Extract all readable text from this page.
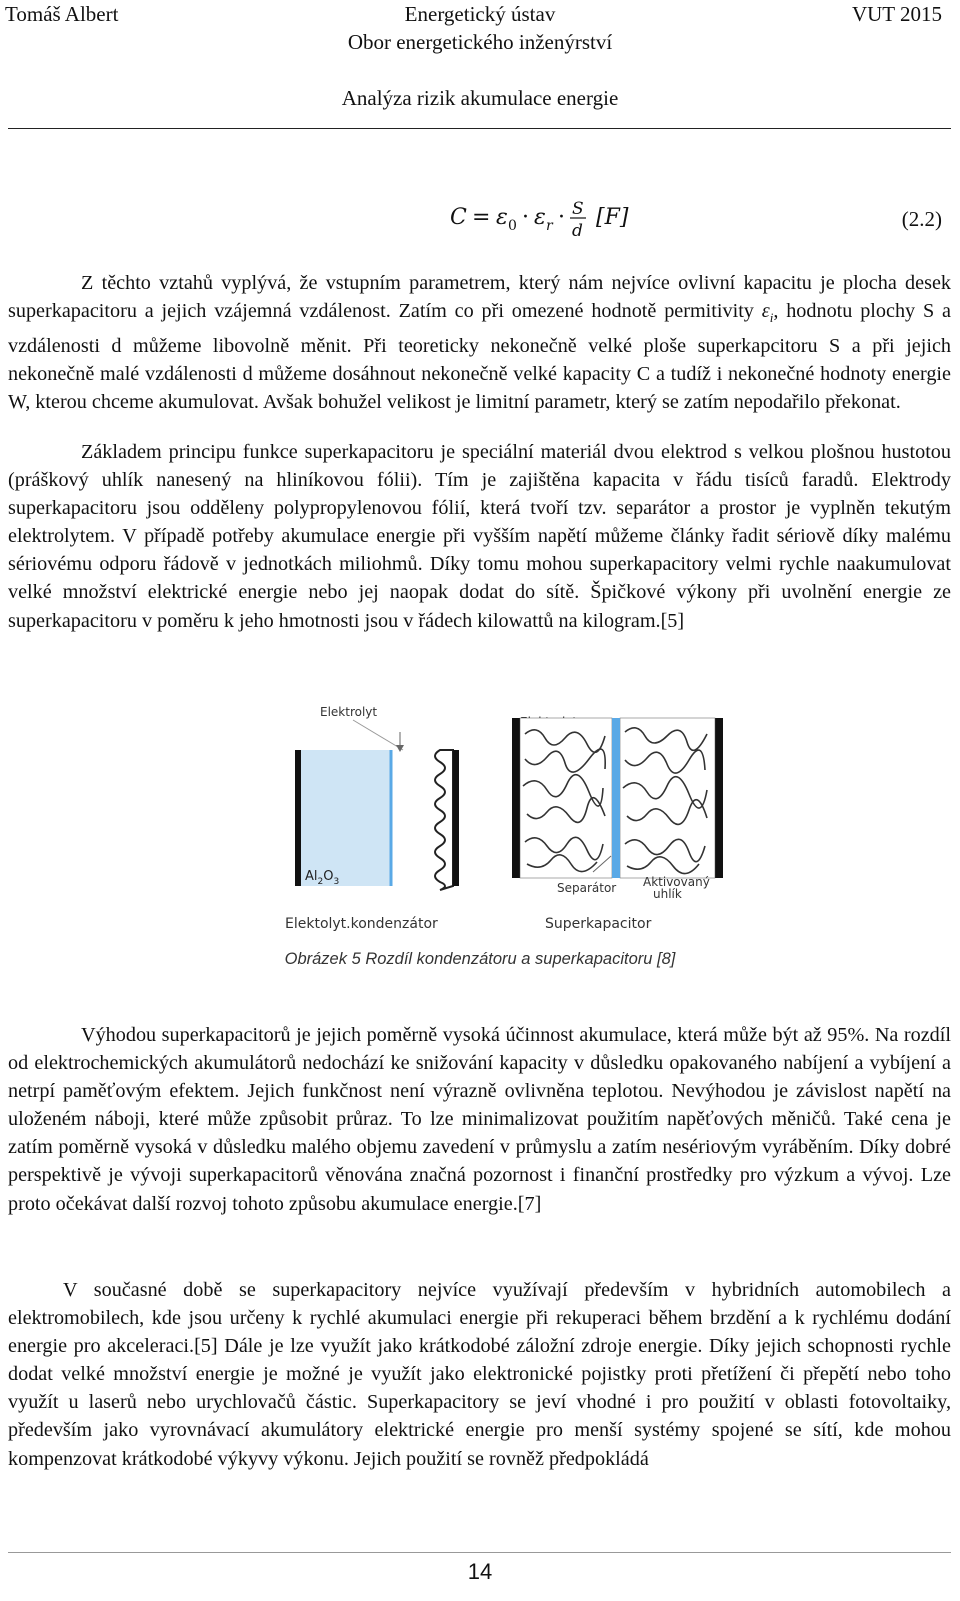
Tomáš Albert	Energetický ústav	VUT 2015
Obor energetického inženýrství
Analýza rizik akumulace energie
C = ε 0 · ε r · S
d
[F]	(2.2)

Z těchto vztahů vyplývá, že vstupním parametrem, který nám nejvíce ovlivní kapacitu je plocha desek superkapacitoru a jejich vzájemná vzdálenost. Zatím co při omezené hodnotě permitivity $\varepsilon_i$, hodnotu plochy S a vzdálenosti d můžeme libovolně měnit. Při teoreticky nekonečně velké ploše superkapcitoru S a při jejich nekonečně malé vzdálenosti d můžeme dosáhnout nekonečně velké kapacity C a tudíž i nekonečné hodnoty energie W, kterou chceme akumulovat. Avšak bohužel velikost je limitní parametr, který se zatím nepodařilo překonat.

Základem principu funkce superkapacitoru je speciální materiál dvou elektrod s velkou plošnou hustotou (práškový uhlík nanesený na hliníkovou fólii). Tím je zajištěna kapacita v řádu tisíců faradů. Elektrody superkapacitoru jsou odděleny polypropylenovou fólií, která tvoří tzv. separátor a prostor je vyplněn tekutým elektrolytem. V případě potřeby akumulace energie při vyšším napětí můžeme články řadit sériově díky malému sériovému odporu řádově v jednotkách miliohmů. Díky tomu mohou superkapacitory velmi rychle naakumulovat velké množství elektrické energie nebo jej naopak dodat do sítě. Špičkové výkony při uvolnění energie ze superkapacitoru v poměru k jeho hmotnosti jsou v řádech kilowattů na kilogram.[5]

Elektrolyt
$Al_2O_3$
Elektolyt.kondenzátor
Separátor Aktivovaný
uhlík
Superkapacitor
Obrázek 5 Rozdíl kondenzátoru a superkapacitoru [8]

Výhodou superkapacitorů je jejich poměrně vysoká účinnost akumulace, která může být až 95%. Na rozdíl od elektrochemických akumulátorů nedochází ke snižování kapacity v důsledku opakovaného nabíjení a vybíjení a netrpí paměťovým efektem. Jejich funkčnost není výrazně ovlivněna teplotou. Nevýhodou je závislost napětí na uloženém náboji, které může způsobit průraz. To lze minimalizovat použitím napěťových měničů. Také cena je zatím poměrně vysoká v důsledku malého objemu zavedení v průmyslu a zatím nesériovým vyráběním. Díky dobré perspektivě je vývoji superkapacitorů věnována značná pozornost i finanční prostředky pro výzkum a vývoj. Lze proto očekávat další rozvoj tohoto způsobu akumulace energie.[7]

V současné době se superkapacitory nejvíce využívají především v hybridních automobilech a elektromobilech, kde jsou určeny k rychlé akumulaci energie při rekuperaci během brzdění a k rychlému dodání energie pro akceleraci.[5] Dále je lze využít jako krátkodobé záložní zdroje energie. Díky jejich schopnosti rychle dodat velké množství energie je možné je využít jako elektronické pojistky proti přetížení či přepětí nebo toho využít u laserů nebo urychlovačů částic. Superkapacitory se jeví vhodné i pro použití v oblasti fotovoltaiky, především jako vyrovnávací akumulátory elektrické energie pro menší systémy spojené se sítí, kde mohou kompenzovat krátkodobé výkyvy výkonu. Jejich použití se rovněž předpokládá

14
